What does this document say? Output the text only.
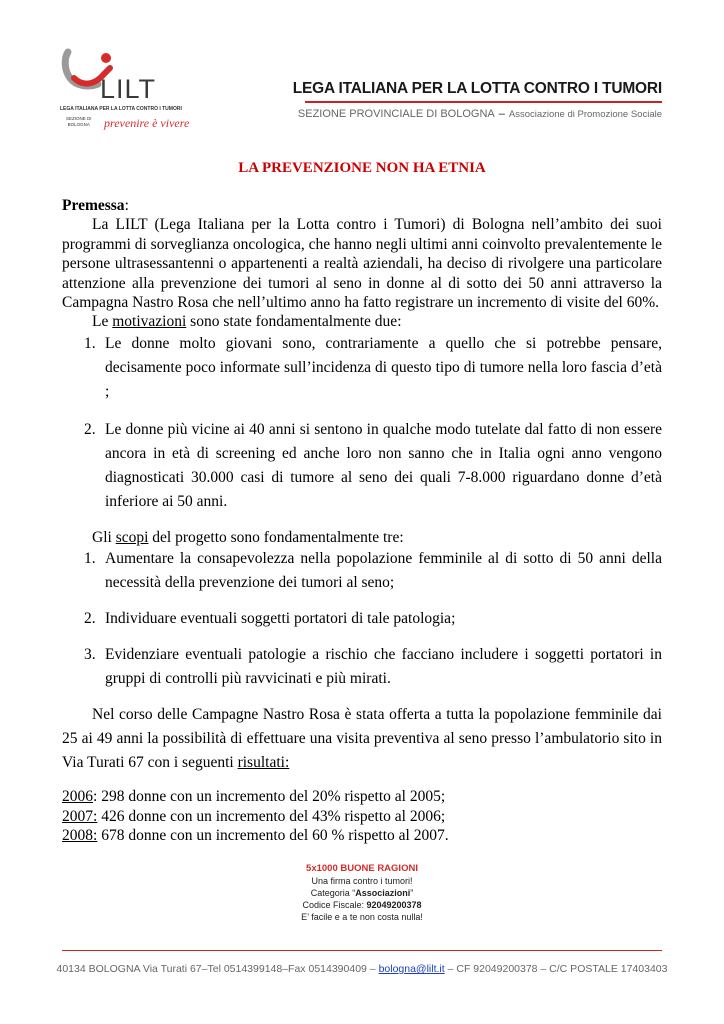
LILT
LEGA ITALIANA PER LA LOTTA CONTRO I TUMORI
SEZIONE DI
BOLOGNA prevenire è vivere
LEGA ITALIANA PER LA LOTTA CONTRO I TUMORI
SEZIONE PROVINCIALE DI BOLOGNA – Associazione di Promozione Sociale
LA PREVENZIONE NON HA ETNIA

Premessa:

La LILT (Lega Italiana per la Lotta contro i Tumori) di Bologna nell’ambito dei suoi programmi di sorveglianza oncologica, che hanno negli ultimi anni coinvolto prevalentemente le persone ultrasessantenni o appartenenti a realtà aziendali, ha deciso di rivolgere una particolare attenzione alla prevenzione dei tumori al seno in donne al di sotto dei 50 anni attraverso la Campagna Nastro Rosa che nell’ultimo anno ha fatto registrare un incremento di visite del 60%.

Le motivazioni sono state fondamentalmente due:

1. Le donne molto giovani sono, contrariamente a quello che si potrebbe pensare, decisamente poco informate sull’incidenza di questo tipo di tumore nella loro fascia d’età ;
2. Le donne più vicine ai 40 anni si sentono in qualche modo tutelate dal fatto di non essere ancora in età di screening ed anche loro non sanno che in Italia ogni anno vengono diagnosticati 30.000 casi di tumore al seno dei quali 7-8.000 riguardano donne d’età inferiore ai 50 anni.

Gli scopi del progetto sono fondamentalmente tre:

1. Aumentare la consapevolezza nella popolazione femminile al di sotto di 50 anni della necessità della prevenzione dei tumori al seno;
2. Individuare eventuali soggetti portatori di tale patologia;
3. Evidenziare eventuali patologie a rischio che facciano includere i soggetti portatori in gruppi di controlli più ravvicinati e più mirati.

Nel corso delle Campagne Nastro Rosa è stata offerta a tutta la popolazione femminile dai 25 ai 49 anni la possibilità di effettuare una visita preventiva al seno presso l’ambulatorio sito in Via Turati 67 con i seguenti risultati:

2006: 298 donne con un incremento del 20% rispetto al 2005;

2007: 426 donne con un incremento del 43% rispetto al 2006;

2008: 678 donne con un incremento del 60 % rispetto al 2007.

5x1000 BUONE RAGIONI
Una firma contro i tumori!
Categoria “Associazioni”
Codice Fiscale: 92049200378
E’ facile e a te non costa nulla!
40134 BOLOGNA Via Turati 67–Tel 0514399148–Fax 0514390409 – bologna@lilt.it – CF 92049200378 – C/C POSTALE 17403403
